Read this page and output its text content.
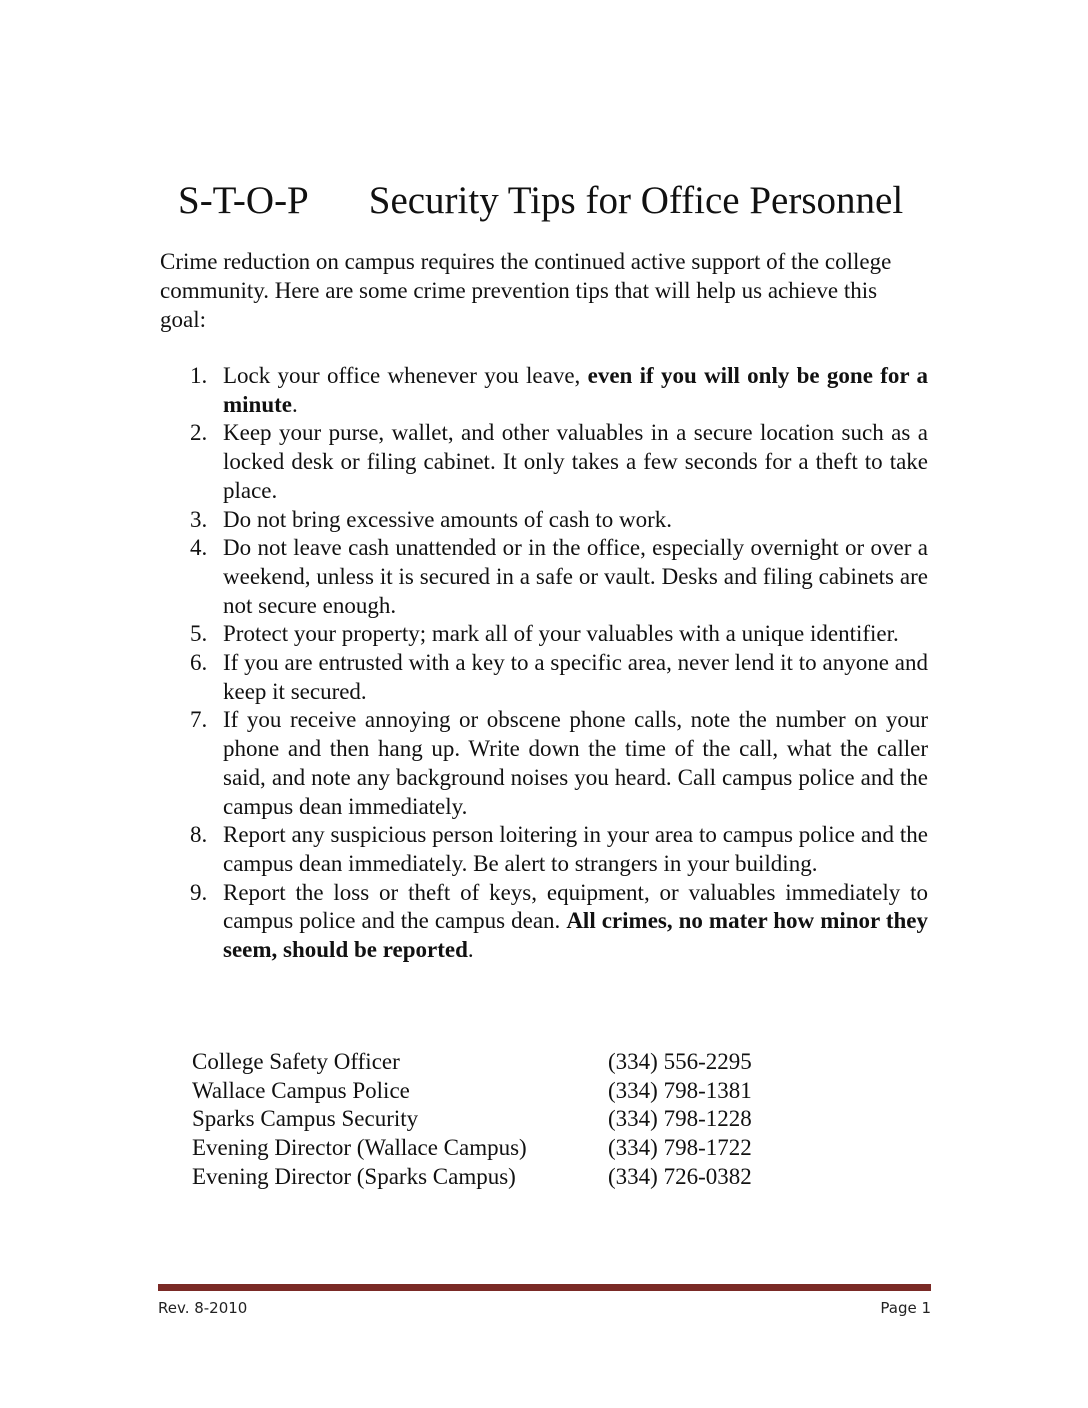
S-T-O-P Security Tips for Office Personnel

Crime reduction on campus requires the continued active support of the college community. Here are some crime prevention tips that will help us achieve this goal:

1. Lock your office whenever you leave, even if you will only be gone for a minute.
2. Keep your purse, wallet, and other valuables in a secure location such as a locked desk or filing cabinet. It only takes a few seconds for a theft to take place.
3. Do not bring excessive amounts of cash to work.
4. Do not leave cash unattended or in the office, especially overnight or over a weekend, unless it is secured in a safe or vault. Desks and filing cabinets are not secure enough.
5. Protect your property; mark all of your valuables with a unique identifier.
6. If you are entrusted with a key to a specific area, never lend it to anyone and keep it secured.
7. If you receive annoying or obscene phone calls, note the number on your phone and then hang up. Write down the time of the call, what the caller said, and note any background noises you heard. Call campus police and the campus dean immediately.
8. Report any suspicious person loitering in your area to campus police and the campus dean immediately. Be alert to strangers in your building.
9. Report the loss or theft of keys, equipment, or valuables immediately to campus police and the campus dean. All crimes, no mater how minor they seem, should be reported.
College Safety Officer	(334) 556-2295
Wallace Campus Police	(334) 798-1381
Sparks Campus Security	(334) 798-1228
Evening Director (Wallace Campus)	(334) 798-1722
Evening Director (Sparks Campus)	(334) 726-0382
Rev. 8-2010	Page 1
